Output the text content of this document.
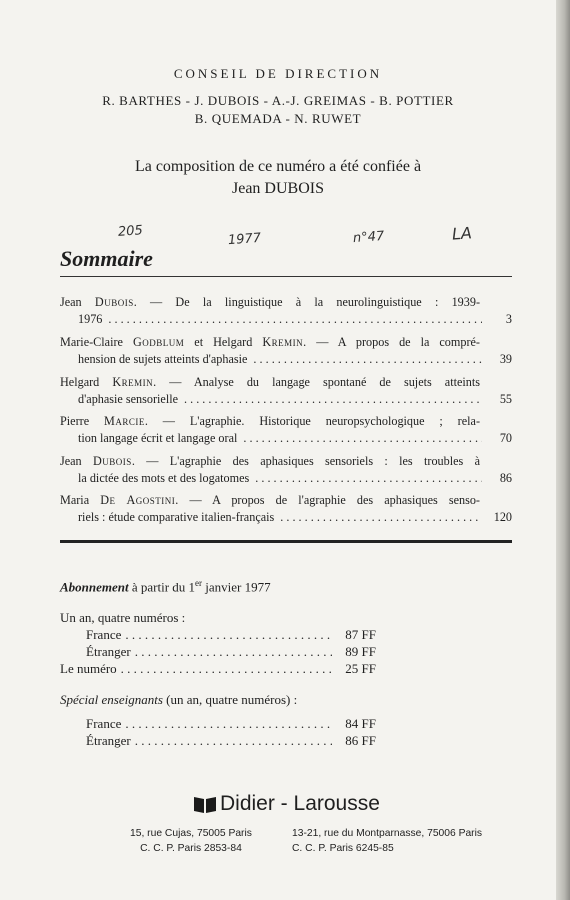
CONSEIL DE DIRECTION
R. BARTHES - J. DUBOIS - A.-J. GREIMAS - B. POTTIER
B. QUEMADA - N. RUWET
La composition de ce numéro a été confiée à
Jean DUBOIS
205	1977	n°47	LA
Sommaire
Jean Dubois. — De la linguistique à la neurolinguistique : 1939-
1976 . . .	3
Marie-Claire Godblum et Helgard Kremin. — A propos de la compré-
hension de sujets atteints d'aphasie . . .	39
Helgard Kremin. — Analyse du langage spontané de sujets atteints
d'aphasie sensorielle . . .	55
Pierre Marcie. — L'agraphie. Historique neuropsychologique ; rela-
tion langage écrit et langage oral . . .	70
Jean Dubois. — L'agraphie des aphasiques sensoriels : les troubles à
la dictée des mots et des logatomes . . .	86
Maria De Agostini. — A propos de l'agraphie des aphasiques senso-
riels : étude comparative italien-français . . .	120
Abonnement à partir du 1er janvier 1977
Un an, quatre numéros :
France . . .	87 FF
Étranger . . .	89 FF
Le numéro . . .	25 FF
Spécial enseignants (un an, quatre numéros) :
France . . .	84 FF
Étranger . . .	86 FF
Didier - Larousse
15, rue Cujas, 75005 Paris
C. C. P. Paris 2853-84
13-21, rue du Montparnasse, 75006 Paris
C. C. P. Paris 6245-85
